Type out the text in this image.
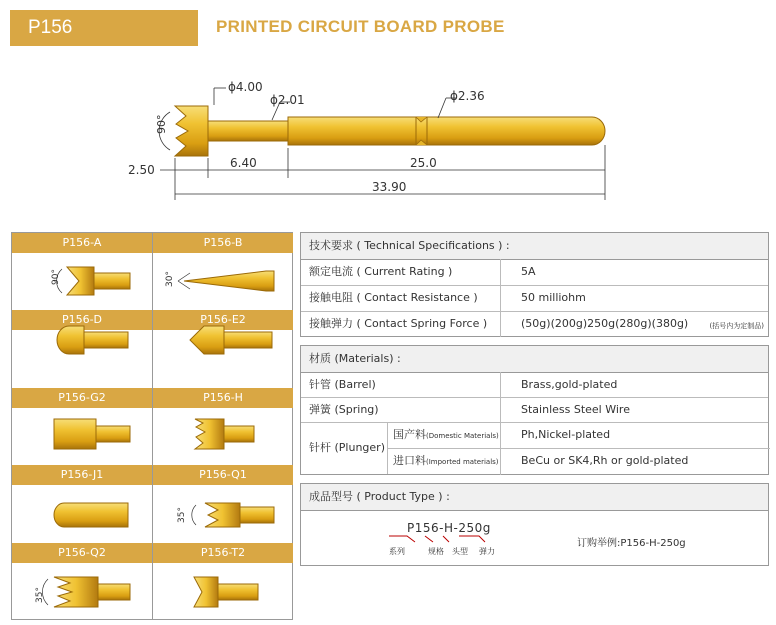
P156	PRINTED CIRCUIT BOARD PROBE
ϕ4.00
ϕ2.01	ϕ2.36
90°
2.50	6.40	25.0
33.90
P156-A	P156-B
P156-D	P156-E2
P156-G2	P156-H
P156-J1	P156-Q1
P156-Q2	P156-T2
90°	30°
35°
35°
技术要求 ( Technical Specifications ) :
额定电流 ( Current Rating )	5A
接触电阻 ( Contact Resistance )	50 milliohm
接触弹力 ( Contact Spring Force )	(50g)(200g)250g(280g)(380g)	(括号内为定制品)
材质 (Materials) :
针管 (Barrel)	Brass,gold-plated
弹簧 (Spring)	Stainless Steel Wire
针杆 (Plunger)
国产料(Domestic Materials) Ph,Nickel-plated
进口料(Imported materials) BeCu or SK4,Rh or gold-plated
成品型号 ( Product Type ) :
P156-H-250g
系列	规格 头型 弹力
订购举例:P156-H-250g
